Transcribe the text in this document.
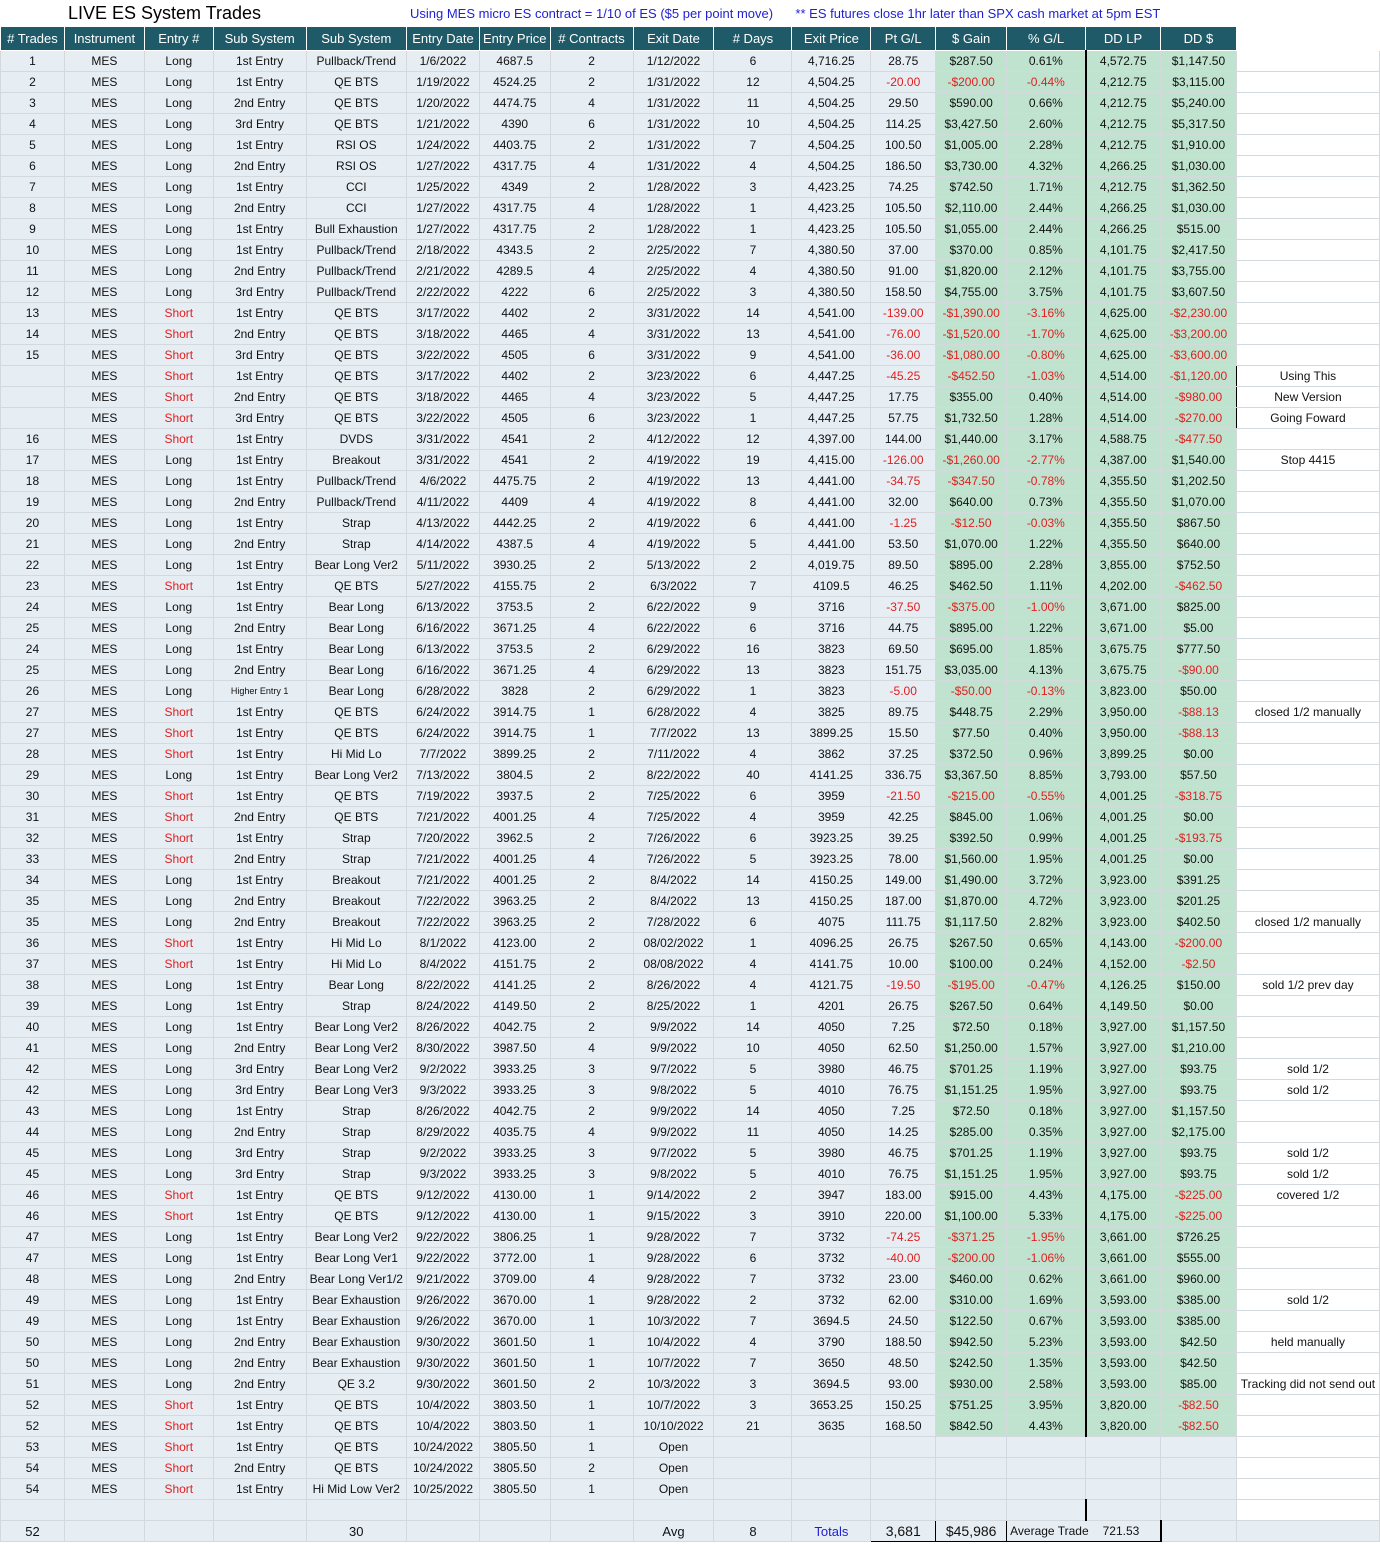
	LIVE ES System Trades				Using MES micro ES contract = 1/10 of ES ($5 per point move)					** ES futures close 1hr later than SPX cash market at 5pm EST						
# Trades	Instrument	Entry #	Sub System	Sub System	Entry Date	Entry Price	# Contracts	Exit Date	# Days	Exit Price	Pt G/L	$ Gain	% G/L	DD LP	DD $	
1	MES	Long	1st Entry	Pullback/Trend	1/6/2022	4687.5	2	1/12/2022	6	4,716.25	28.75	$287.50	0.61%	4,572.75	$1,147.50	
2	MES	Long	1st Entry	QE BTS	1/19/2022	4524.25	2	1/31/2022	12	4,504.25	-20.00	-$200.00	-0.44%	4,212.75	$3,115.00	
3	MES	Long	2nd Entry	QE BTS	1/20/2022	4474.75	4	1/31/2022	11	4,504.25	29.50	$590.00	0.66%	4,212.75	$5,240.00	
4	MES	Long	3rd Entry	QE BTS	1/21/2022	4390	6	1/31/2022	10	4,504.25	114.25	$3,427.50	2.60%	4,212.75	$5,317.50	
5	MES	Long	1st Entry	RSI OS	1/24/2022	4403.75	2	1/31/2022	7	4,504.25	100.50	$1,005.00	2.28%	4,212.75	$1,910.00	
6	MES	Long	2nd Entry	RSI OS	1/27/2022	4317.75	4	1/31/2022	4	4,504.25	186.50	$3,730.00	4.32%	4,266.25	$1,030.00	
7	MES	Long	1st Entry	CCI	1/25/2022	4349	2	1/28/2022	3	4,423.25	74.25	$742.50	1.71%	4,212.75	$1,362.50	
8	MES	Long	2nd Entry	CCI	1/27/2022	4317.75	4	1/28/2022	1	4,423.25	105.50	$2,110.00	2.44%	4,266.25	$1,030.00	
9	MES	Long	1st Entry	Bull Exhaustion	1/27/2022	4317.75	2	1/28/2022	1	4,423.25	105.50	$1,055.00	2.44%	4,266.25	$515.00	
10	MES	Long	1st Entry	Pullback/Trend	2/18/2022	4343.5	2	2/25/2022	7	4,380.50	37.00	$370.00	0.85%	4,101.75	$2,417.50	
11	MES	Long	2nd Entry	Pullback/Trend	2/21/2022	4289.5	4	2/25/2022	4	4,380.50	91.00	$1,820.00	2.12%	4,101.75	$3,755.00	
12	MES	Long	3rd Entry	Pullback/Trend	2/22/2022	4222	6	2/25/2022	3	4,380.50	158.50	$4,755.00	3.75%	4,101.75	$3,607.50	
13	MES	Short	1st Entry	QE BTS	3/17/2022	4402	2	3/31/2022	14	4,541.00	-139.00	-$1,390.00	-3.16%	4,625.00	-$2,230.00	
14	MES	Short	2nd Entry	QE BTS	3/18/2022	4465	4	3/31/2022	13	4,541.00	-76.00	-$1,520.00	-1.70%	4,625.00	-$3,200.00	
15	MES	Short	3rd Entry	QE BTS	3/22/2022	4505	6	3/31/2022	9	4,541.00	-36.00	-$1,080.00	-0.80%	4,625.00	-$3,600.00	
	MES	Short	1st Entry	QE BTS	3/17/2022	4402	2	3/23/2022	6	4,447.25	-45.25	-$452.50	-1.03%	4,514.00	-$1,120.00	Using This
	MES	Short	2nd Entry	QE BTS	3/18/2022	4465	4	3/23/2022	5	4,447.25	17.75	$355.00	0.40%	4,514.00	-$980.00	New Version
	MES	Short	3rd Entry	QE BTS	3/22/2022	4505	6	3/23/2022	1	4,447.25	57.75	$1,732.50	1.28%	4,514.00	-$270.00	Going Foward
16	MES	Short	1st Entry	DVDS	3/31/2022	4541	2	4/12/2022	12	4,397.00	144.00	$1,440.00	3.17%	4,588.75	-$477.50	
17	MES	Long	1st Entry	Breakout	3/31/2022	4541	2	4/19/2022	19	4,415.00	-126.00	-$1,260.00	-2.77%	4,387.00	$1,540.00	Stop 4415
18	MES	Long	1st Entry	Pullback/Trend	4/6/2022	4475.75	2	4/19/2022	13	4,441.00	-34.75	-$347.50	-0.78%	4,355.50	$1,202.50	
19	MES	Long	2nd Entry	Pullback/Trend	4/11/2022	4409	4	4/19/2022	8	4,441.00	32.00	$640.00	0.73%	4,355.50	$1,070.00	
20	MES	Long	1st Entry	Strap	4/13/2022	4442.25	2	4/19/2022	6	4,441.00	-1.25	-$12.50	-0.03%	4,355.50	$867.50	
21	MES	Long	2nd Entry	Strap	4/14/2022	4387.5	4	4/19/2022	5	4,441.00	53.50	$1,070.00	1.22%	4,355.50	$640.00	
22	MES	Long	1st Entry	Bear Long Ver2	5/11/2022	3930.25	2	5/13/2022	2	4,019.75	89.50	$895.00	2.28%	3,855.00	$752.50	
23	MES	Short	1st Entry	QE BTS	5/27/2022	4155.75	2	6/3/2022	7	4109.5	46.25	$462.50	1.11%	4,202.00	-$462.50	
24	MES	Long	1st Entry	Bear Long	6/13/2022	3753.5	2	6/22/2022	9	3716	-37.50	-$375.00	-1.00%	3,671.00	$825.00	
25	MES	Long	2nd Entry	Bear Long	6/16/2022	3671.25	4	6/22/2022	6	3716	44.75	$895.00	1.22%	3,671.00	$5.00	
24	MES	Long	1st Entry	Bear Long	6/13/2022	3753.5	2	6/29/2022	16	3823	69.50	$695.00	1.85%	3,675.75	$777.50	
25	MES	Long	2nd Entry	Bear Long	6/16/2022	3671.25	4	6/29/2022	13	3823	151.75	$3,035.00	4.13%	3,675.75	-$90.00	
26	MES	Long	Higher Entry 1	Bear Long	6/28/2022	3828	2	6/29/2022	1	3823	-5.00	-$50.00	-0.13%	3,823.00	$50.00	
27	MES	Short	1st Entry	QE BTS	6/24/2022	3914.75	1	6/28/2022	4	3825	89.75	$448.75	2.29%	3,950.00	-$88.13	closed 1/2 manually
27	MES	Short	1st Entry	QE BTS	6/24/2022	3914.75	1	7/7/2022	13	3899.25	15.50	$77.50	0.40%	3,950.00	-$88.13	
28	MES	Short	1st Entry	Hi Mid Lo	7/7/2022	3899.25	2	7/11/2022	4	3862	37.25	$372.50	0.96%	3,899.25	$0.00	
29	MES	Long	1st Entry	Bear Long Ver2	7/13/2022	3804.5	2	8/22/2022	40	4141.25	336.75	$3,367.50	8.85%	3,793.00	$57.50	
30	MES	Short	1st Entry	QE BTS	7/19/2022	3937.5	2	7/25/2022	6	3959	-21.50	-$215.00	-0.55%	4,001.25	-$318.75	
31	MES	Short	2nd Entry	QE BTS	7/21/2022	4001.25	4	7/25/2022	4	3959	42.25	$845.00	1.06%	4,001.25	$0.00	
32	MES	Short	1st Entry	Strap	7/20/2022	3962.5	2	7/26/2022	6	3923.25	39.25	$392.50	0.99%	4,001.25	-$193.75	
33	MES	Short	2nd Entry	Strap	7/21/2022	4001.25	4	7/26/2022	5	3923.25	78.00	$1,560.00	1.95%	4,001.25	$0.00	
34	MES	Long	1st Entry	Breakout	7/21/2022	4001.25	2	8/4/2022	14	4150.25	149.00	$1,490.00	3.72%	3,923.00	$391.25	
35	MES	Long	2nd Entry	Breakout	7/22/2022	3963.25	2	8/4/2022	13	4150.25	187.00	$1,870.00	4.72%	3,923.00	$201.25	
35	MES	Long	2nd Entry	Breakout	7/22/2022	3963.25	2	7/28/2022	6	4075	111.75	$1,117.50	2.82%	3,923.00	$402.50	closed 1/2 manually
36	MES	Short	1st Entry	Hi Mid Lo	8/1/2022	4123.00	2	08/02/2022	1	4096.25	26.75	$267.50	0.65%	4,143.00	-$200.00	
37	MES	Short	1st Entry	Hi Mid Lo	8/4/2022	4151.75	2	08/08/2022	4	4141.75	10.00	$100.00	0.24%	4,152.00	-$2.50	
38	MES	Long	1st Entry	Bear Long	8/22/2022	4141.25	2	8/26/2022	4	4121.75	-19.50	-$195.00	-0.47%	4,126.25	$150.00	sold 1/2 prev day
39	MES	Long	1st Entry	Strap	8/24/2022	4149.50	2	8/25/2022	1	4201	26.75	$267.50	0.64%	4,149.50	$0.00	
40	MES	Long	1st Entry	Bear Long Ver2	8/26/2022	4042.75	2	9/9/2022	14	4050	7.25	$72.50	0.18%	3,927.00	$1,157.50	
41	MES	Long	2nd Entry	Bear Long Ver2	8/30/2022	3987.50	4	9/9/2022	10	4050	62.50	$1,250.00	1.57%	3,927.00	$1,210.00	
42	MES	Long	3rd Entry	Bear Long Ver2	9/2/2022	3933.25	3	9/7/2022	5	3980	46.75	$701.25	1.19%	3,927.00	$93.75	sold 1/2
42	MES	Long	3rd Entry	Bear Long Ver3	9/3/2022	3933.25	3	9/8/2022	5	4010	76.75	$1,151.25	1.95%	3,927.00	$93.75	sold 1/2
43	MES	Long	1st Entry	Strap	8/26/2022	4042.75	2	9/9/2022	14	4050	7.25	$72.50	0.18%	3,927.00	$1,157.50	
44	MES	Long	2nd Entry	Strap	8/29/2022	4035.75	4	9/9/2022	11	4050	14.25	$285.00	0.35%	3,927.00	$2,175.00	
45	MES	Long	3rd Entry	Strap	9/2/2022	3933.25	3	9/7/2022	5	3980	46.75	$701.25	1.19%	3,927.00	$93.75	sold 1/2
45	MES	Long	3rd Entry	Strap	9/3/2022	3933.25	3	9/8/2022	5	4010	76.75	$1,151.25	1.95%	3,927.00	$93.75	sold 1/2
46	MES	Short	1st Entry	QE BTS	9/12/2022	4130.00	1	9/14/2022	2	3947	183.00	$915.00	4.43%	4,175.00	-$225.00	covered 1/2
46	MES	Short	1st Entry	QE BTS	9/12/2022	4130.00	1	9/15/2022	3	3910	220.00	$1,100.00	5.33%	4,175.00	-$225.00	
47	MES	Long	1st Entry	Bear Long Ver2	9/22/2022	3806.25	1	9/28/2022	7	3732	-74.25	-$371.25	-1.95%	3,661.00	$726.25	
47	MES	Long	1st Entry	Bear Long Ver1	9/22/2022	3772.00	1	9/28/2022	6	3732	-40.00	-$200.00	-1.06%	3,661.00	$555.00	
48	MES	Long	2nd Entry	Bear Long Ver1/2	9/21/2022	3709.00	4	9/28/2022	7	3732	23.00	$460.00	0.62%	3,661.00	$960.00	
49	MES	Long	1st Entry	Bear Exhaustion	9/26/2022	3670.00	1	9/28/2022	2	3732	62.00	$310.00	1.69%	3,593.00	$385.00	sold 1/2
49	MES	Long	1st Entry	Bear Exhaustion	9/26/2022	3670.00	1	10/3/2022	7	3694.5	24.50	$122.50	0.67%	3,593.00	$385.00	
50	MES	Long	2nd Entry	Bear Exhaustion	9/30/2022	3601.50	1	10/4/2022	4	3790	188.50	$942.50	5.23%	3,593.00	$42.50	held manually
50	MES	Long	2nd Entry	Bear Exhaustion	9/30/2022	3601.50	1	10/7/2022	7	3650	48.50	$242.50	1.35%	3,593.00	$42.50	
51	MES	Long	2nd Entry	QE 3.2	9/30/2022	3601.50	2	10/3/2022	3	3694.5	93.00	$930.00	2.58%	3,593.00	$85.00	Tracking did not send out
52	MES	Short	1st Entry	QE BTS	10/4/2022	3803.50	1	10/7/2022	3	3653.25	150.25	$751.25	3.95%	3,820.00	-$82.50	
52	MES	Short	1st Entry	QE BTS	10/4/2022	3803.50	1	10/10/2022	21	3635	168.50	$842.50	4.43%	3,820.00	-$82.50	
53	MES	Short	1st Entry	QE BTS	10/24/2022	3805.50	1	Open								
54	MES	Short	2nd Entry	QE BTS	10/24/2022	3805.50	2	Open								
54	MES	Short	1st Entry	Hi Mid Low Ver2	10/25/2022	3805.50	1	Open								

52				30				Avg	8	Totals	3,681	$45,986	Average Trade 721.53			
